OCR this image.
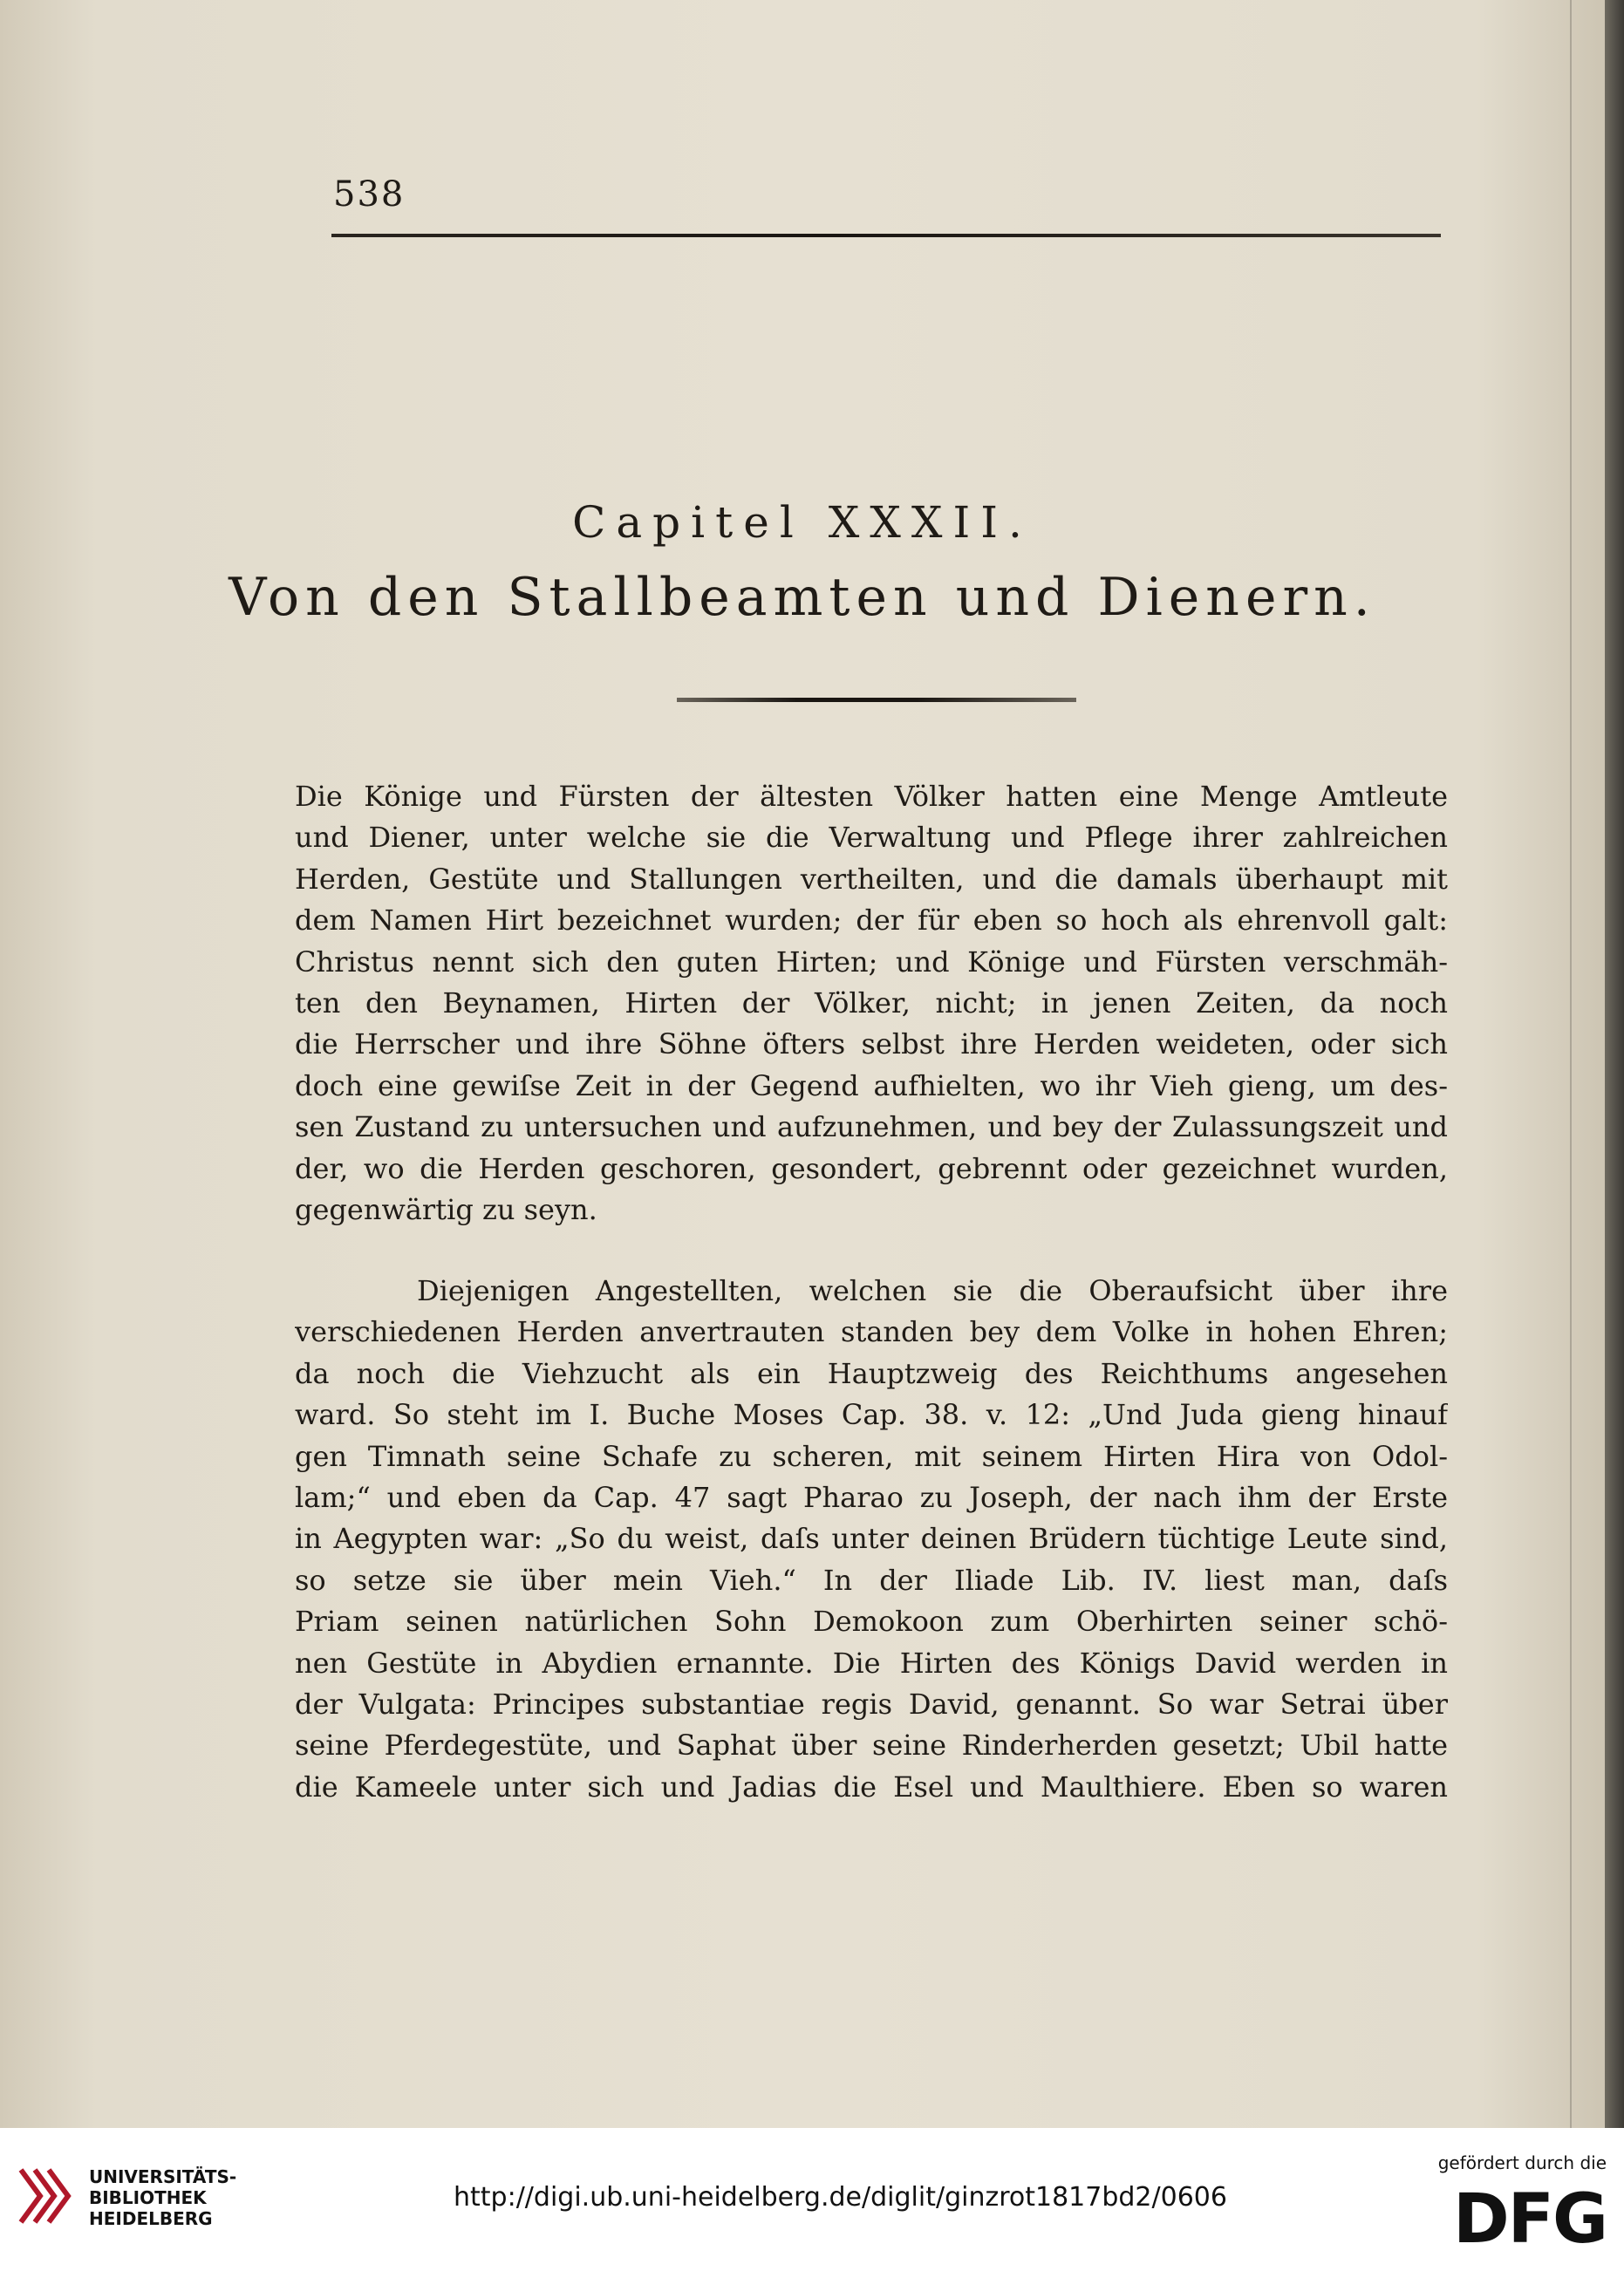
538
Capitel XXXII.
Von den Stallbeamten und Dienern.
Die Könige und Fürsten der ältesten Völker hatten eine Menge Amtleute
und Diener, unter welche sie die Verwaltung und Pflege ihrer zahlreichen
Herden, Gestüte und Stallungen vertheilten, und die damals überhaupt mit
dem Namen Hirt bezeichnet wurden; der für eben so hoch als ehrenvoll galt:
Christus nennt sich den guten Hirten; und Könige und Fürsten verschmäh-
ten den Beynamen, Hirten der Völker, nicht; in jenen Zeiten, da noch
die Herrscher und ihre Söhne öfters selbst ihre Herden weideten, oder sich
doch eine gewiſse Zeit in der Gegend aufhielten, wo ihr Vieh gieng, um des-
sen Zustand zu untersuchen und aufzunehmen, und bey der Zulassungszeit und
der, wo die Herden geschoren, gesondert, gebrennt oder gezeichnet wurden,
gegenwärtig zu seyn.
Diejenigen Angestellten, welchen sie die Oberaufsicht über ihre
verschiedenen Herden anvertrauten standen bey dem Volke in hohen Ehren;
da noch die Viehzucht als ein Hauptzweig des Reichthums angesehen
ward. So steht im I. Buche Moses Cap. 38. v. 12: „Und Juda gieng hinauf
gen Timnath seine Schafe zu scheren, mit seinem Hirten Hira von Odol-
lam;“ und eben da Cap. 47 sagt Pharao zu Joseph, der nach ihm der Erste
in Aegypten war: „So du weist, daſs unter deinen Brüdern tüchtige Leute sind,
so setze sie über mein Vieh.“ In der Iliade Lib. IV. liest man, daſs
Priam seinen natürlichen Sohn Demokoon zum Oberhirten seiner schö-
nen Gestüte in Abydien ernannte. Die Hirten des Königs David werden in
der Vulgata: Principes substantiae regis David, genannt. So war Setrai über
seine Pferdegestüte, und Saphat über seine Rinderherden gesetzt; Ubil hatte
die Kameele unter sich und Jadias die Esel und Maulthiere. Eben so waren
UNIVERSITÄTS-
BIBLIOTHEK
HEIDELBERG
http://digi.ub.uni-heidelberg.de/diglit/ginzrot1817bd2/0606
gefördert durch die
DFG
